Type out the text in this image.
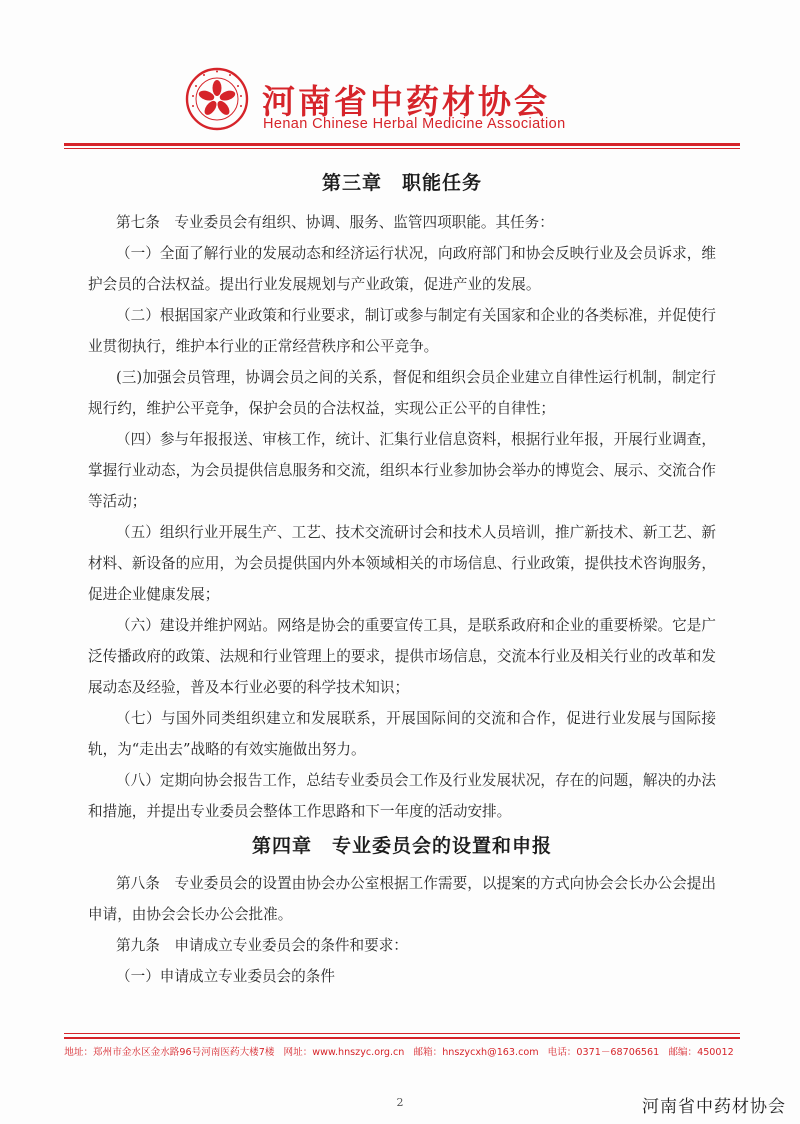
河南省中药材协会
Henan Chinese Herbal Medicine Association
第三章　职能任务

第七条　专业委员会有组织、协调、服务、监管四项职能。其任务：

（一）全面了解行业的发展动态和经济运行状况，向政府部门和协会反映行业及会员诉求，维护会员的合法权益。提出行业发展规划与产业政策，促进产业的发展。

（二）根据国家产业政策和行业要求，制订或参与制定有关国家和企业的各类标准，并促使行业贯彻执行，维护本行业的正常经营秩序和公平竞争。

(三)加强会员管理，协调会员之间的关系，督促和组织会员企业建立自律性运行机制，制定行规行约，维护公平竞争，保护会员的合法权益，实现公正公平的自律性；

（四）参与年报报送、审核工作，统计、汇集行业信息资料，根据行业年报，开展行业调查，掌握行业动态，为会员提供信息服务和交流，组织本行业参加协会举办的博览会、展示、交流合作等活动；

（五）组织行业开展生产、工艺、技术交流研讨会和技术人员培训，推广新技术、新工艺、新材料、新设备的应用，为会员提供国内外本领域相关的市场信息、行业政策，提供技术咨询服务，促进企业健康发展；

（六）建设并维护网站。网络是协会的重要宣传工具，是联系政府和企业的重要桥梁。它是广泛传播政府的政策、法规和行业管理上的要求，提供市场信息，交流本行业及相关行业的改革和发展动态及经验，普及本行业必要的科学技术知识；

（七）与国外同类组织建立和发展联系，开展国际间的交流和合作，促进行业发展与国际接轨，为“走出去”战略的有效实施做出努力。

（八）定期向协会报告工作，总结专业委员会工作及行业发展状况，存在的问题，解决的办法和措施，并提出专业委员会整体工作思路和下一年度的活动安排。

第四章　专业委员会的设置和申报

第八条　专业委员会的设置由协会办公室根据工作需要，以提案的方式向协会会长办公会提出申请，由协会会长办公会批准。

第九条　申请成立专业委员会的条件和要求：

（一）申请成立专业委员会的条件

地址：郑州市金水区金水路96号河南医药大楼7楼 网址：www.hnszyc.org.cn 邮箱：hnszycxh@163.com 电话：0371－68706561 邮编：450012
2	河南省中药材协会
